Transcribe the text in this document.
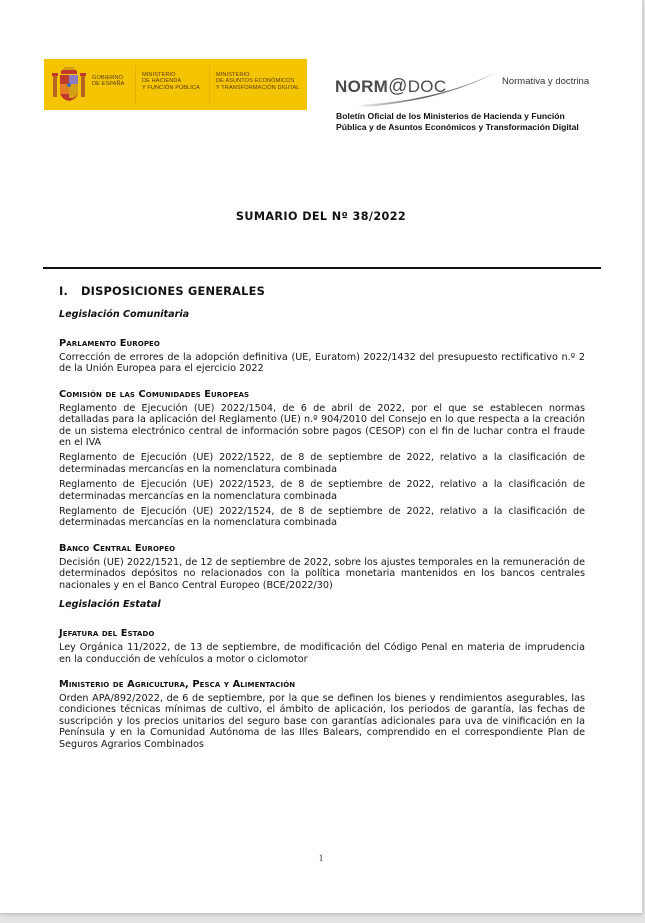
GOBIERNO
DE ESPAÑA
MINISTERIO
DE HACIENDA
Y FUNCIÓN PÚBLICA
MINISTERIO
DE ASUNTOS ECONÓMICOS
Y TRANSFORMACIÓN DIGITAL NORM@DOC	Normativa y doctrina
Boletín Oficial de los Ministerios de Hacienda y Función
Pública y de Asuntos Económicos y Transformación Digital
SUMARIO DEL Nº 38/2022
I. DISPOSICIONES GENERALES
Legislación Comunitaria
Parlamento Europeo
Corrección de errores de la adopción definitiva (UE, Euratom) 2022/1432 del presupuesto rectificativo n.º 2 de la Unión Europea para el ejercicio 2022
Comisión de las Comunidades Europeas
Reglamento de Ejecución (UE) 2022/1504, de 6 de abril de 2022, por el que se establecen normas detalladas para la aplicación del Reglamento (UE) n.º 904/2010 del Consejo en lo que respecta a la creación de un sistema electrónico central de información sobre pagos (CESOP) con el fin de luchar contra el fraude en el IVA
Reglamento de Ejecución (UE) 2022/1522, de 8 de septiembre de 2022, relativo a la clasificación de determinadas mercancías en la nomenclatura combinada
Reglamento de Ejecución (UE) 2022/1523, de 8 de septiembre de 2022, relativo a la clasificación de determinadas mercancías en la nomenclatura combinada
Reglamento de Ejecución (UE) 2022/1524, de 8 de septiembre de 2022, relativo a la clasificación de determinadas mercancías en la nomenclatura combinada
Banco Central Europeo
Decisión (UE) 2022/1521, de 12 de septiembre de 2022, sobre los ajustes temporales en la remuneración de determinados depósitos no relacionados con la política monetaria mantenidos en los bancos centrales nacionales y en el Banco Central Europeo (BCE/2022/30)
Legislación Estatal
Jefatura del Estado
Ley Orgánica 11/2022, de 13 de septiembre, de modificación del Código Penal en materia de imprudencia en la conducción de vehículos a motor o ciclomotor
Ministerio de Agricultura, Pesca y Alimentación
Orden APA/892/2022, de 6 de septiembre, por la que se definen los bienes y rendimientos asegurables, las condiciones técnicas mínimas de cultivo, el ámbito de aplicación, los periodos de garantía, las fechas de suscripción y los precios unitarios del seguro base con garantías adicionales para uva de vinificación en la Península y en la Comunidad Autónoma de las Illes Balears, comprendido en el correspondiente Plan de Seguros Agrarios Combinados
1
